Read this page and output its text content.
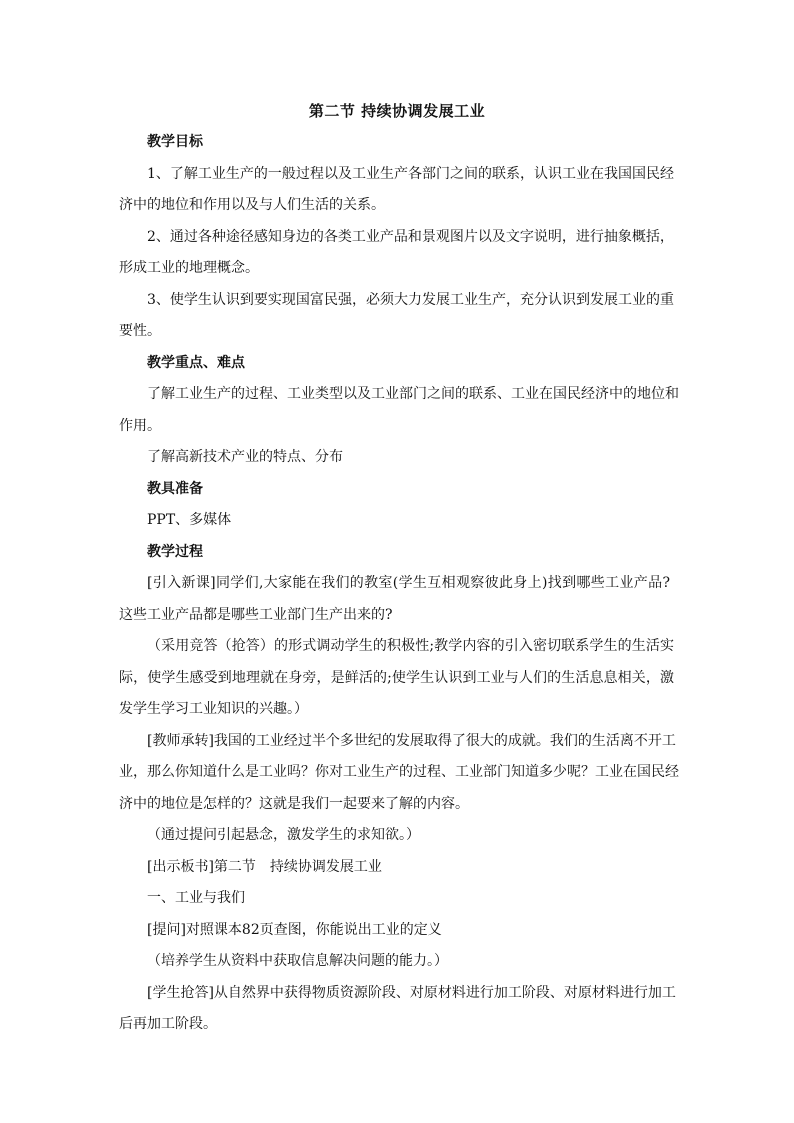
第二节 持续协调发展工业
教学目标
1、了解工业生产的一般过程以及工业生产各部门之间的联系，认识工业在我国国民经
济中的地位和作用以及与人们生活的关系。
2、通过各种途径感知身边的各类工业产品和景观图片以及文字说明，进行抽象概括，
形成工业的地理概念。
3、使学生认识到要实现国富民强，必须大力发展工业生产，充分认识到发展工业的重
要性。
教学重点、难点
了解工业生产的过程、工业类型以及工业部门之间的联系、工业在国民经济中的地位和
作用。
了解高新技术产业的特点、分布
教具准备
PPT、多媒体
教学过程
[引入新课]同学们,大家能在我们的教室(学生互相观察彼此身上)找到哪些工业产品?
这些工业产品都是哪些工业部门生产出来的?
（采用竞答（抢答）的形式调动学生的积极性;教学内容的引入密切联系学生的生活实
际，使学生感受到地理就在身旁，是鲜活的;使学生认识到工业与人们的生活息息相关，激
发学生学习工业知识的兴趣。）
[教师承转]我国的工业经过半个多世纪的发展取得了很大的成就。我们的生活离不开工
业，那么你知道什么是工业吗？你对工业生产的过程、工业部门知道多少呢？工业在国民经
济中的地位是怎样的？这就是我们一起要来了解的内容。
（通过提问引起悬念，激发学生的求知欲。）
[出示板书]第二节　持续协调发展工业
一、工业与我们
[提问]对照课本82页查图，你能说出工业的定义
（培养学生从资料中获取信息解决问题的能力。）
[学生抢答]从自然界中获得物质资源阶段、对原材料进行加工阶段、对原材料进行加工
后再加工阶段。
